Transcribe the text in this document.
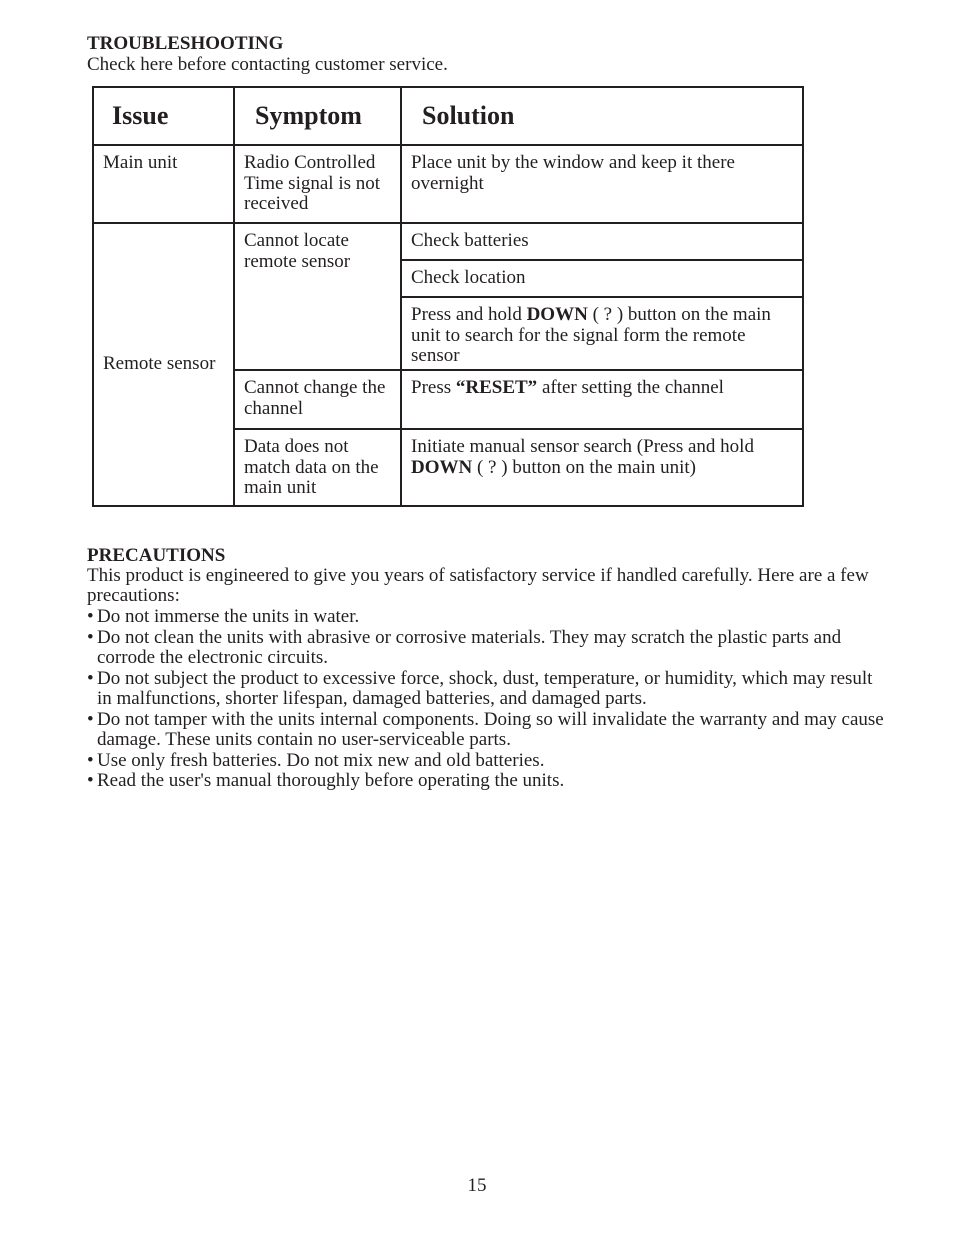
TROUBLESHOOTING

Check here before contacting customer service.

Issue	Symptom	Solution

Main unit	Radio Controlled Time signal is not received	Place unit by the window and keep it there overnight

Remote sensor	Cannot locate remote sensor	Check batteries

		Check location

		Press and hold DOWN ( ? ) button on the main unit to search for the signal form the remote sensor

	Cannot change the channel	Press “RESET” after setting the channel

	Data does not match data on the main unit	Initiate manual sensor search (Press and hold DOWN ( ? ) button on the main unit)
PRECAUTIONS

This product is engineered to give you years of satisfactory service if handled carefully. Here are a few precautions:

• Do not immerse the units in water.
• Do not clean the units with abrasive or corrosive materials. They may scratch the plastic parts and corrode the electronic circuits.
• Do not subject the product to excessive force, shock, dust, temperature, or humidity, which may result in malfunctions, shorter lifespan, damaged batteries, and damaged parts.
• Do not tamper with the units internal components. Doing so will invalidate the warranty and may cause damage. These units contain no user-serviceable parts.
• Use only fresh batteries. Do not mix new and old batteries.
• Read the user's manual thoroughly before operating the units.
15
